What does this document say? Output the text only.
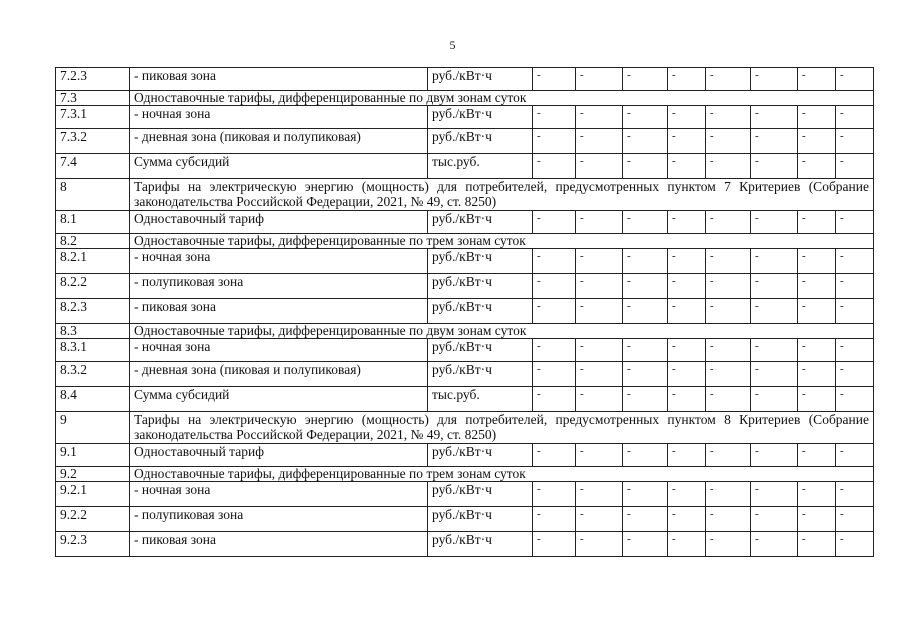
5
7.2.3	- пиковая зона	руб./кВт·ч	-	-	-	-	-	-	-	-
7.3	Одноставочные тарифы, дифференцированные по двум зонам суток									
7.3.1	- ночная зона	руб./кВт·ч	-	-	-	-	-	-	-	-
7.3.2	- дневная зона (пиковая и полупиковая)	руб./кВт·ч	-	-	-	-	-	-	-	-
7.4	Сумма субсидий	тыс.руб.	-	-	-	-	-	-	-	-
8	Тарифы на электрическую энергию (мощность) для потребителей, предусмотренных пунктом 7 Критериев (Собрание законодательства Российской Федерации, 2021, № 49, ст. 8250)									
8.1	Одноставочный тариф	руб./кВт·ч	-	-	-	-	-	-	-	-
8.2	Одноставочные тарифы, дифференцированные по трем зонам суток									
8.2.1	- ночная зона	руб./кВт·ч	-	-	-	-	-	-	-	-
8.2.2	- полупиковая зона	руб./кВт·ч	-	-	-	-	-	-	-	-
8.2.3	- пиковая зона	руб./кВт·ч	-	-	-	-	-	-	-	-
8.3	Одноставочные тарифы, дифференцированные по двум зонам суток									
8.3.1	- ночная зона	руб./кВт·ч	-	-	-	-	-	-	-	-
8.3.2	- дневная зона (пиковая и полупиковая)	руб./кВт·ч	-	-	-	-	-	-	-	-
8.4	Сумма субсидий	тыс.руб.	-	-	-	-	-	-	-	-
9	Тарифы на электрическую энергию (мощность) для потребителей, предусмотренных пунктом 8 Критериев (Собрание законодательства Российской Федерации, 2021, № 49, ст. 8250)									
9.1	Одноставочный тариф	руб./кВт·ч	-	-	-	-	-	-	-	-
9.2	Одноставочные тарифы, дифференцированные по трем зонам суток									
9.2.1	- ночная зона	руб./кВт·ч	-	-	-	-	-	-	-	-
9.2.2	- полупиковая зона	руб./кВт·ч	-	-	-	-	-	-	-	-
9.2.3	- пиковая зона	руб./кВт·ч	-	-	-	-	-	-	-	-
